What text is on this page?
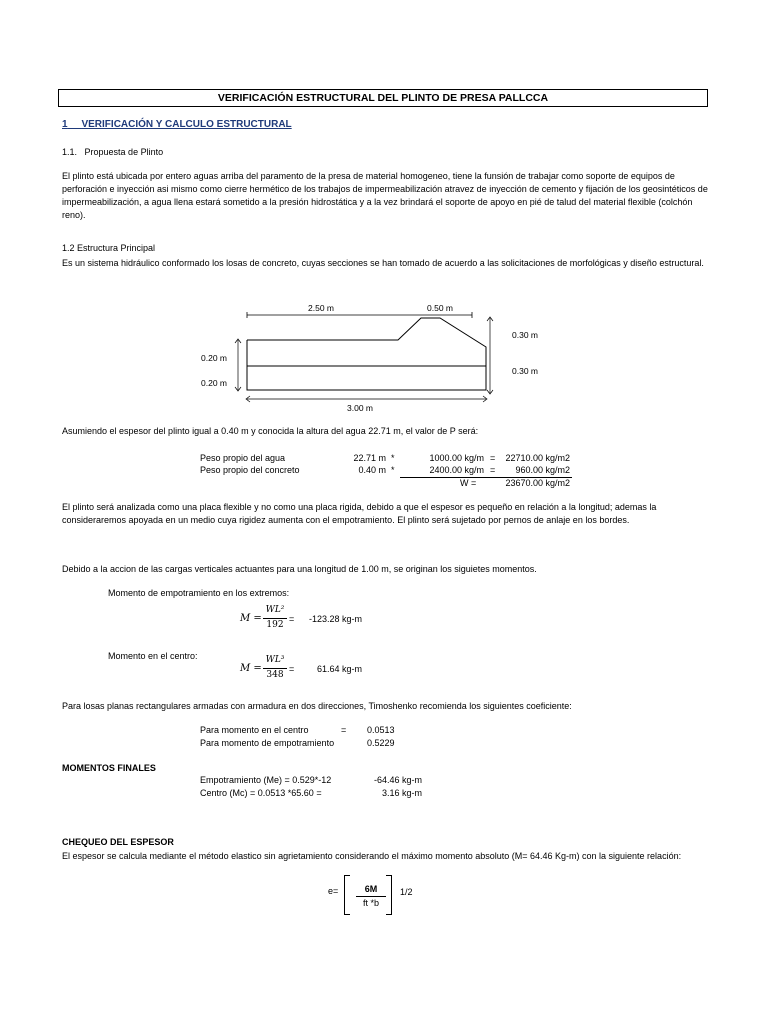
VERIFICACIÓN ESTRUCTURAL DEL PLINTO DE PRESA PALLCCA
1 VERIFICACIÓN Y CALCULO ESTRUCTURAL
1.1. Propuesta de Plinto
El plinto está ubicada por entero aguas arriba del paramento de la presa de material homogeneo, tiene la funsión de trabajar como soporte de equipos de perforación e inyección asi mismo como cierre hermético de los trabajos de impermeabilización atravez de inyección de cemento y fijación de los geosintéticos de impermeabilización, a agua llena estará sometido a la presión hidrostática y a la vez brindará el soporte de apoyo en pié de talud del material flexible (colchón reno).
1.2 Estructura Principal
Es un sistema hidráulico conformado los losas de concreto, cuyas secciones se han tomado de acuerdo a las solicitaciones de morfológicas y diseño estructural.
2.50 m	0.50 m
0.30 m
0.30 m
0.20 m
0.20 m
3.00 m
Asumiendo el espesor del plinto igual a 0.40 m y conocida la altura del agua 22.71 m, el valor de P será:
Peso propio del agua	22.71 m *	1000.00 kg/m =	22710.00 kg/m2
Peso propio del concreto	0.40 m *	2400.00 kg/m =	960.00 kg/m2
W =	23670.00 kg/m2
El plinto será analizada como una placa flexible y no como una placa rigida, debido a que el espesor es pequeño en relación a la longitud; ademas la consideraremos apoyada en un medio cuya rigidez aumenta con el empotramiento. El plinto será sujetado por pernos de anlaje en los bordes.
Debido a la accion de las cargas verticales actuantes para una longitud de 1.00 m, se originan los siguietes momentos.
Momento de empotramiento en los extremos:
M =
WL²
192
= -123.28 kg-m
Momento en el centro:
M =
WL³
348
=	61.64 kg-m
Para losas planas rectangulares armadas con armadura en dos direcciones, Timoshenko recomienda los siguientes coeficiente:
Para momento en el centro	= 0.0513
Para momento de empotramiento	0.5229
MOMENTOS FINALES
Empotramiento (Me) = 0.529*-12	-64.46 kg-m
Centro (Mc) = 0.0513 *65.60 =	3.16 kg-m
CHEQUEO DEL ESPESOR
El espesor se calcula mediante el método elastico sin agrietamiento considerando el máximo momento absoluto (M= 64.46 Kg-m) con la siguiente relación:
e=	6M
ft *b
1/2
